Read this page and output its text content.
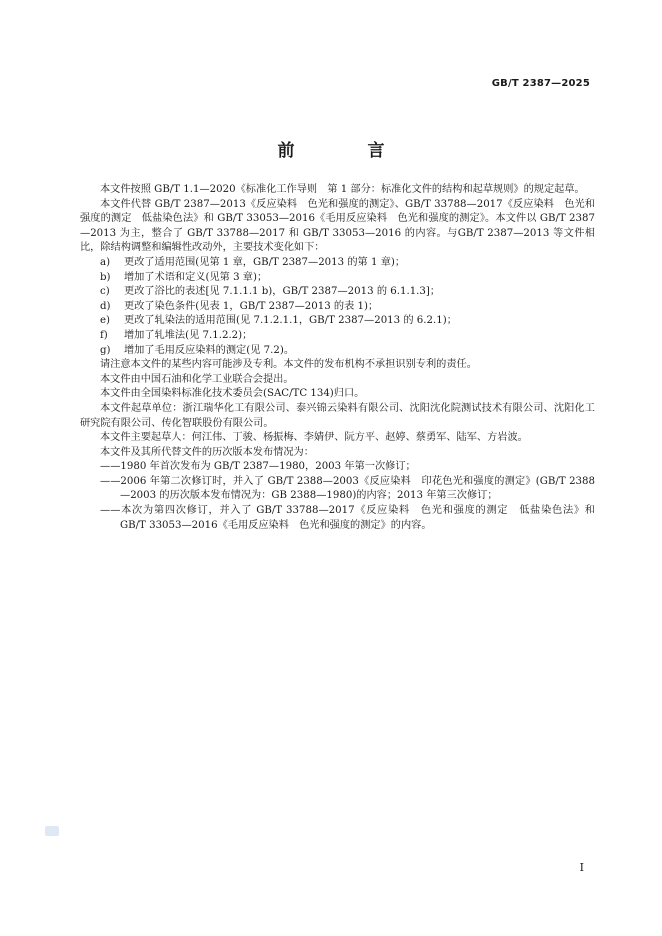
GB/T 2387—2025
前　言

本文件按照 GB/T 1.1—2020《标准化工作导则　第 1 部分：标准化文件的结构和起草规则》的规定起草。

本文件代替 GB/T 2387—2013《反应染料　色光和强度的测定》、GB/T 33788—2017《反应染料　色光和强度的测定　低盐染色法》和 GB/T 33053—2016《毛用反应染料　色光和强度的测定》。本文件以 GB/T 2387—2013 为主，整合了 GB/T 33788—2017 和 GB/T 33053—2016 的内容。与GB/T 2387—2013 等文件相比，除结构调整和编辑性改动外，主要技术变化如下：

a) 更改了适用范围(见第 1 章，GB/T 2387—2013 的第 1 章)；

b) 增加了术语和定义(见第 3 章)；

c) 更改了浴比的表述[见 7.1.1.1 b)，GB/T 2387—2013 的 6.1.1.3]；

d) 更改了染色条件(见表 1，GB/T 2387—2013 的表 1)；

e) 更改了轧染法的适用范围(见 7.1.2.1.1，GB/T 2387—2013 的 6.2.1)；

f) 增加了轧堆法(见 7.1.2.2)；

g) 增加了毛用反应染料的测定(见 7.2)。

请注意本文件的某些内容可能涉及专利。本文件的发布机构不承担识别专利的责任。

本文件由中国石油和化学工业联合会提出。

本文件由全国染料标准化技术委员会(SAC/TC 134)归口。

本文件起草单位：浙江瑞华化工有限公司、泰兴锦云染料有限公司、沈阳沈化院测试技术有限公司、沈阳化工研究院有限公司、传化智联股份有限公司。

本文件主要起草人：何江伟、丁骏、杨振梅、李婧伊、阮方平、赵婷、蔡勇军、陆军、方岩波。

本文件及其所代替文件的历次版本发布情况为：

——1980 年首次发布为 GB/T 2387—1980，2003 年第一次修订；

——2006 年第二次修订时，并入了 GB/T 2388—2003《反应染料　印花色光和强度的测定》(GB/T 2388—2003 的历次版本发布情况为：GB 2388—1980)的内容；2013 年第三次修订；

——本次为第四次修订，并入了 GB/T 33788—2017《反应染料　色光和强度的测定　低盐染色法》和 GB/T 33053—2016《毛用反应染料　色光和强度的测定》的内容。

I
